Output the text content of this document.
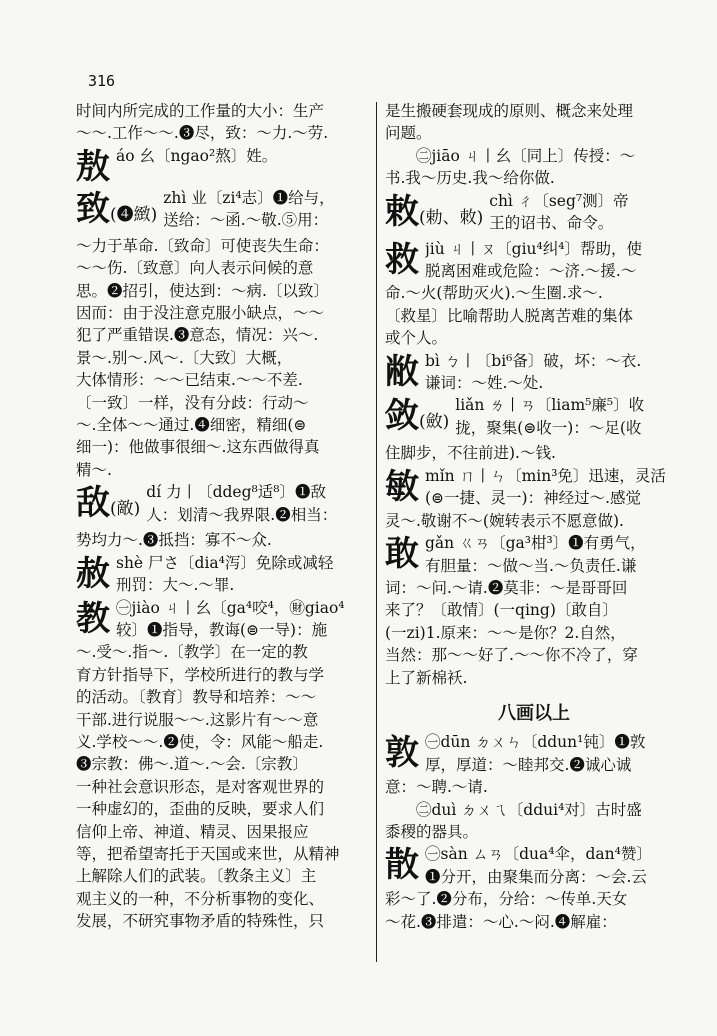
316
时间内所完成的工作量的大小：生产
～～.工作～～.❸尽，致：～力.～劳.
敖 áo 幺〔ngao²熬〕姓。
致(❹緻)
zhì 业〔zi⁴志〕❶给与，
送给：～函.～敬.⑤用：
～力于革命.〔致命〕可使丧失生命：
～～伤.〔致意〕向人表示问候的意
思。❷招引，使达到：～病.〔以致〕
因而：由于没注意克服小缺点，～～
犯了严重错误.❸意态，情况：兴～.
景～.别～.风～.〔大致〕大概，
大体情形：～～已结束.～～不差.
〔一致〕一样，没有分歧：行动～
～.全体～～通过.❹细密，精细(⊜
细一)：他做事很细～.这东西做得真
精～.
敌(敵)
dí 力丨〔ddeg⁸适⁸〕❶敌
人：划清～我界限.❷相当：
势均力～.❸抵挡：寡不～众.
赦 shè 尸さ〔dia⁴泻〕免除或减轻
刑罚：大～.～罪.
教 ㊀jiào ㄐ丨幺〔ga⁴咬⁴，㊖giao⁴
较〕❶指导，教诲(⊜一导)：施
～.受～.指～.〔教学〕在一定的教
育方针指导下，学校所进行的教与学
的活动。〔教育〕教导和培养：～～
干部.进行说服～～.这影片有～～意
义.学校～～.❷使，令：风能～船走.
❸宗教：佛～.道～.～会.〔宗教〕
一种社会意识形态，是对客观世界的
一种虚幻的，歪曲的反映，要求人们
信仰上帝、神道、精灵、因果报应
等，把希望寄托于天国或来世，从精神
上解除人们的武装。〔教条主义〕主
观主义的一种，不分析事物的变化、
发展，不研究事物矛盾的特殊性，只
是生搬硬套现成的原则、概念来处理
问题。
㊁jiāo ㄐ丨幺〔同上〕传授：～
书.我～历史.我～给你做.
敕(勅、敇)
chì ㄔ〔seg⁷测〕帝
王的诏书、命令。
救 jiù ㄐ丨ㄡ〔giu⁴纠⁴〕帮助，使
脱离困难或危险：～济.～援.～
命.～火(帮助灭火).～生圈.求～.
〔救星〕比喻帮助人脱离苦难的集体
或个人。
敝 bì ㄅ丨〔bi⁶备〕破，坏：～衣.
谦词：～姓.～处.
敛(斂)
liǎn ㄌ丨ㄢ〔liam⁵廉⁵〕收
拢，聚集(⊜收一)：～足(收
住脚步，不往前进).～钱.
敏 mǐn ㄇ丨ㄣ〔min³免〕迅速，灵活
(⊜一捷、灵一)：神经过～.感觉
灵～.敬谢不～(婉转表示不愿意做).
敢 gǎn ㄍㄢ〔ga³柑³〕❶有勇气，
有胆量：～做～当.～负责任.谦
词：～问.～请.❷莫非：～是哥哥回
来了？〔敢情〕(一qing)〔敢自〕
(一zi)1.原来：～～是你？2.自然，
当然：那～～好了.～～你不冷了，穿
上了新棉袄.
八画以上
敦 ㊀dūn ㄉㄨㄣ〔ddun¹钝〕❶敦
厚，厚道：～睦邦交.❷诚心诚
意：～聘.～请.
㊁duì ㄉㄨㄟ〔ddui⁴对〕古时盛
黍稷的器具。
散 ㊀sàn ㄙㄢ〔dua⁴伞，dan⁴赞〕
❶分开，由聚集而分离：～会.云
彩～了.❷分布，分给：～传单.天女
～花.❸排遣：～心.～闷.❹解雇：
